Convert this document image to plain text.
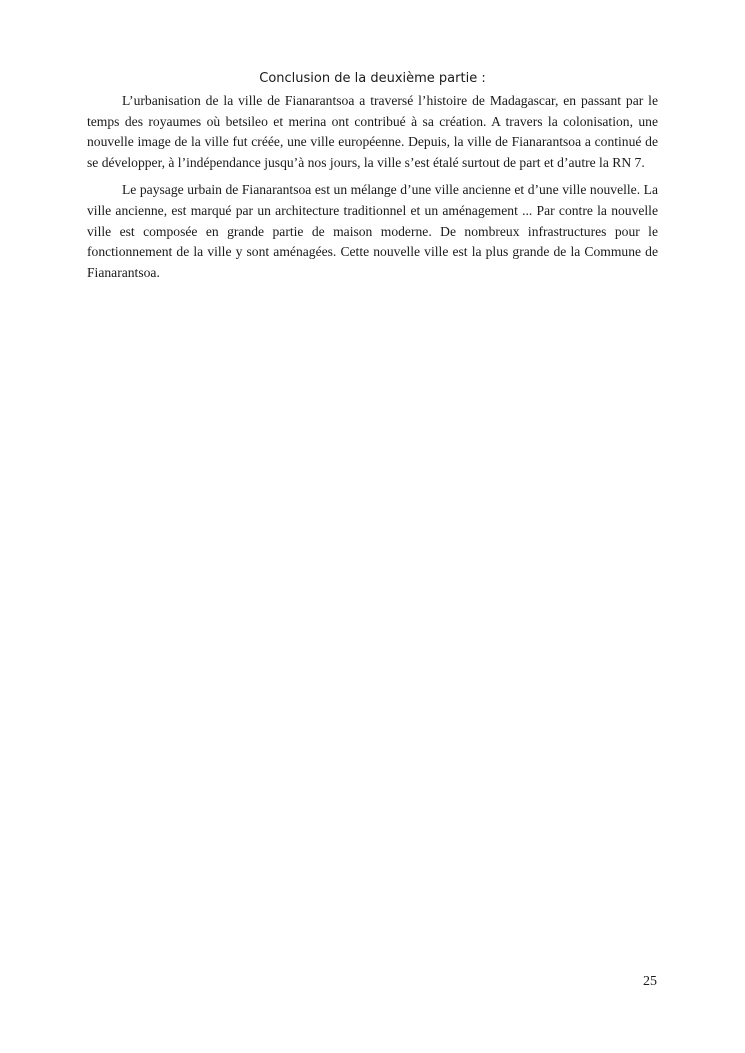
Conclusion de la deuxième partie :

L’urbanisation de la ville de Fianarantsoa a traversé l’histoire de Madagascar, en passant par le temps des royaumes où betsileo et merina ont contribué à sa création. A travers la colonisation, une nouvelle image de la ville fut créée, une ville européenne. Depuis, la ville de Fianarantsoa a continué de se développer, à l’indépendance jusqu’à nos jours, la ville s’est étalé surtout de part et d’autre la RN 7.

Le paysage urbain de Fianarantsoa est un mélange d’une ville ancienne et d’une ville nouvelle. La ville ancienne, est marqué par un architecture traditionnel et un aménagement ... Par contre la nouvelle ville est composée en grande partie de maison moderne. De nombreux infrastructures pour le fonctionnement de la ville y sont aménagées. Cette nouvelle ville est la plus grande de la Commune de Fianarantsoa.

25
